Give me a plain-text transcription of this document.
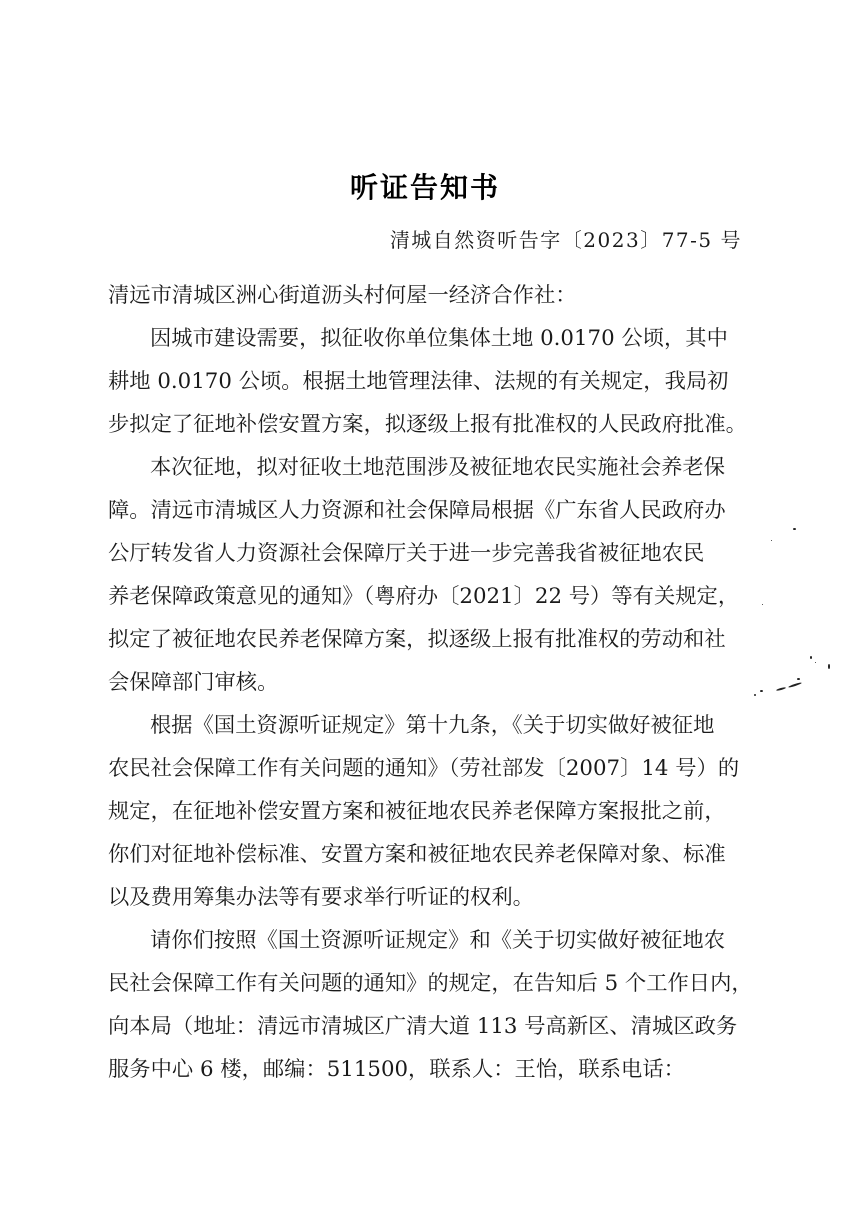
听证告知书
清城自然资听告字〔2023〕77-5 号
清远市清城区洲心街道沥头村何屋一经济合作社：
因城市建设需要，拟征收你单位集体土地 0.0170 公顷，其中
耕地 0.0170 公顷。根据土地管理法律、法规的有关规定，我局初
步拟定了征地补偿安置方案，拟逐级上报有批准权的人民政府批准。
本次征地，拟对征收土地范围涉及被征地农民实施社会养老保
障。清远市清城区人力资源和社会保障局根据《广东省人民政府办
公厅转发省人力资源社会保障厅关于进一步完善我省被征地农民
养老保障政策意见的通知》（粤府办〔2021〕22 号）等有关规定，
拟定了被征地农民养老保障方案，拟逐级上报有批准权的劳动和社
会保障部门审核。
根据《国土资源听证规定》第十九条，《关于切实做好被征地
农民社会保障工作有关问题的通知》（劳社部发〔2007〕14 号）的
规定，在征地补偿安置方案和被征地农民养老保障方案报批之前，
你们对征地补偿标准、安置方案和被征地农民养老保障对象、标准
以及费用筹集办法等有要求举行听证的权利。
请你们按照《国土资源听证规定》和《关于切实做好被征地农
民社会保障工作有关问题的通知》的规定，在告知后 5 个工作日内，
向本局（地址：清远市清城区广清大道 113 号高新区、清城区政务
服务中心 6 楼，邮编：511500，联系人：王怡，联系电话：
